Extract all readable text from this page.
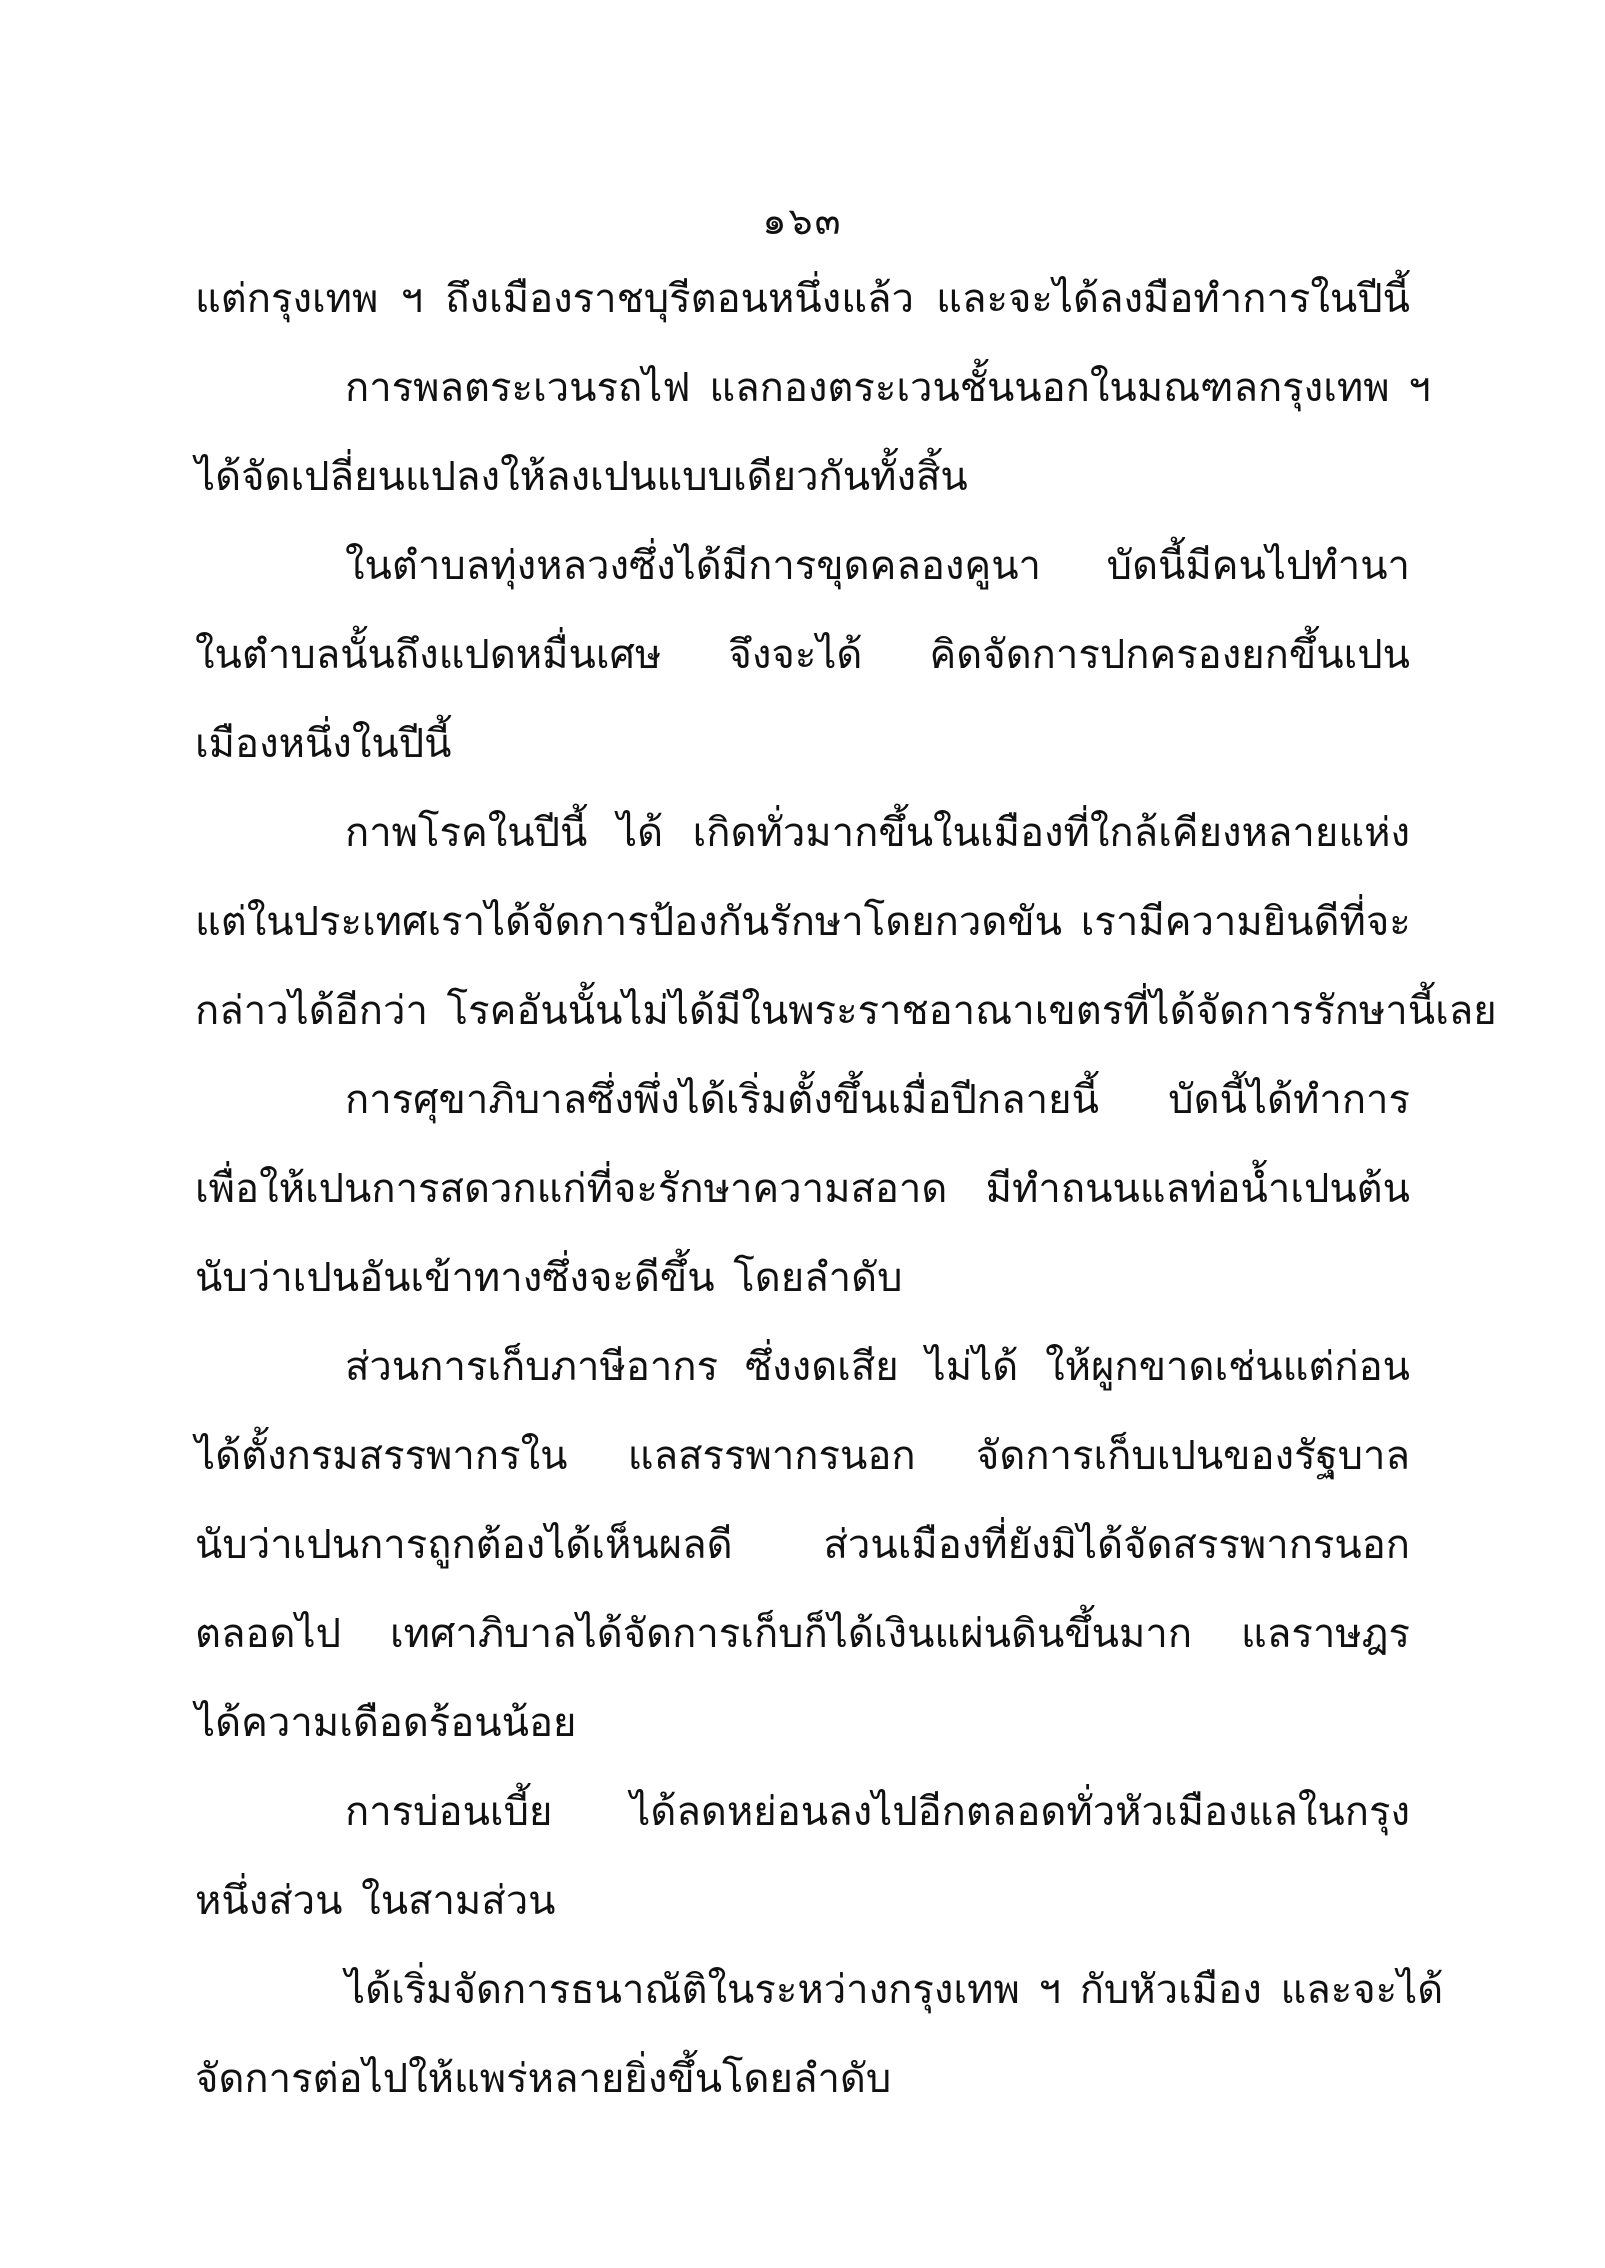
๑๖๓
แต่กรุงเทพ ฯ ถึงเมืองราชบุรีตอนหนึ่งแล้ว และจะได้ลงมือทำการในปีนี้
การพลตระเวนรถไฟ แลกองตระเวนชั้นนอกในมณฑลกรุงเทพ ฯ
ได้จัดเปลี่ยนแปลงให้ลงเปนแบบเดียวกันทั้งสิ้น
ในตำบลทุ่งหลวงซึ่งได้มีการขุดคลองคูนา บัดนี้มีคนไปทำนา
ในตำบลนั้นถึงแปดหมื่นเศษ จึงจะได้ คิดจัดการปกครองยกขึ้นเปน
เมืองหนึ่งในปีนี้
กาพโรคในปีนี้ ได้ เกิดทั่วมากขึ้นในเมืองที่ใกล้เคียงหลายแห่ง
แต่ในประเทศเราได้จัดการป้องกันรักษาโดยกวดขัน เรามีความยินดีที่จะ
กล่าวได้อีกว่า โรคอันนั้นไม่ได้มีในพระราชอาณาเขตรที่ได้จัดการรักษานี้เลย
การศุขาภิบาลซึ่งพึ่งได้เริ่มตั้งขึ้นเมื่อปีกลายนี้ บัดนี้ได้ทำการ
เพื่อให้เปนการสดวกแก่ที่จะรักษาความสอาด มีทำถนนแลท่อน้ำเปนต้น
นับว่าเปนอันเข้าทางซึ่งจะดีขึ้น โดยลำดับ
ส่วนการเก็บภาษีอากร ซึ่งงดเสีย ไม่ได้ ให้ผูกขาดเช่นแต่ก่อน
ได้ตั้งกรมสรรพากรใน แลสรรพากรนอก จัดการเก็บเปนของรัฐบาล
นับว่าเปนการถูกต้องได้เห็นผลดี ส่วนเมืองที่ยังมิได้จัดสรรพากรนอก
ตลอดไป เทศาภิบาลได้จัดการเก็บก็ได้เงินแผ่นดินขึ้นมาก แลราษฎร
ได้ความเดือดร้อนน้อย
การบ่อนเบี้ย ได้ลดหย่อนลงไปอีกตลอดทั่วหัวเมืองแลในกรุง
หนึ่งส่วน ในสามส่วน
ได้เริ่มจัดการธนาณัติในระหว่างกรุงเทพ ฯ กับหัวเมือง และจะได้
จัดการต่อไปให้แพร่หลายยิ่งขึ้นโดยลำดับ
